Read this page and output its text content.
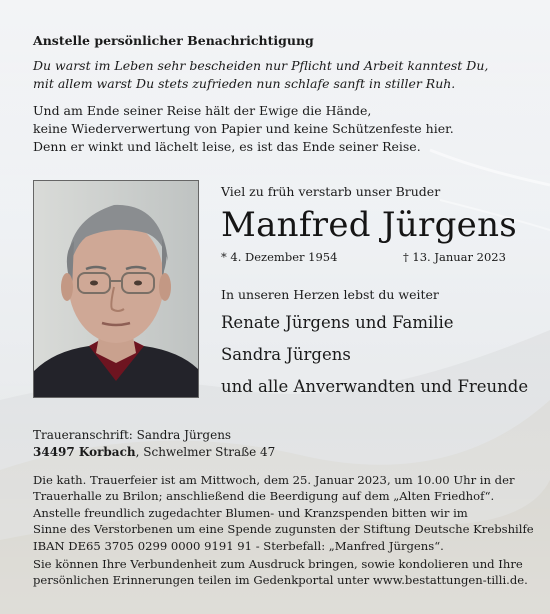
Anstelle persönlicher Benachrichtigung
Du warst im Leben sehr bescheiden nur Pflicht und Arbeit kanntest Du,
mit allem warst Du stets zufrieden nun schlafe sanft in stiller Ruh.
Und am Ende seiner Reise hält der Ewige die Hände,
keine Wiederverwertung von Papier und keine Schützenfeste hier.
Denn er winkt und lächelt leise, es ist das Ende seiner Reise.
Viel zu früh verstarb unser Bruder
Manfred Jürgens
* 4. Dezember 1954	† 13. Januar 2023
In unseren Herzen lebst du weiter
Renate Jürgens und Familie
Sandra Jürgens
und alle Anverwandten und Freunde
Traueranschrift: Sandra Jürgens
34497 Korbach, Schwelmer Straße 47
Die kath. Trauerfeier ist am Mittwoch, dem 25. Januar 2023, um 10.00 Uhr in der
Trauerhalle zu Brilon; anschließend die Beerdigung auf dem „Alten Friedhof“.
Anstelle freundlich zugedachter Blumen- und Kranzspenden bitten wir im
Sinne des Verstorbenen um eine Spende zugunsten der Stiftung Deutsche Krebshilfe
IBAN DE65 3705 0299 0000 9191 91 - Sterbefall: „Manfred Jürgens“.
Sie können Ihre Verbundenheit zum Ausdruck bringen, sowie kondolieren und Ihre
persönlichen Erinnerungen teilen im Gedenkportal unter www.bestattungen-tilli.de.
